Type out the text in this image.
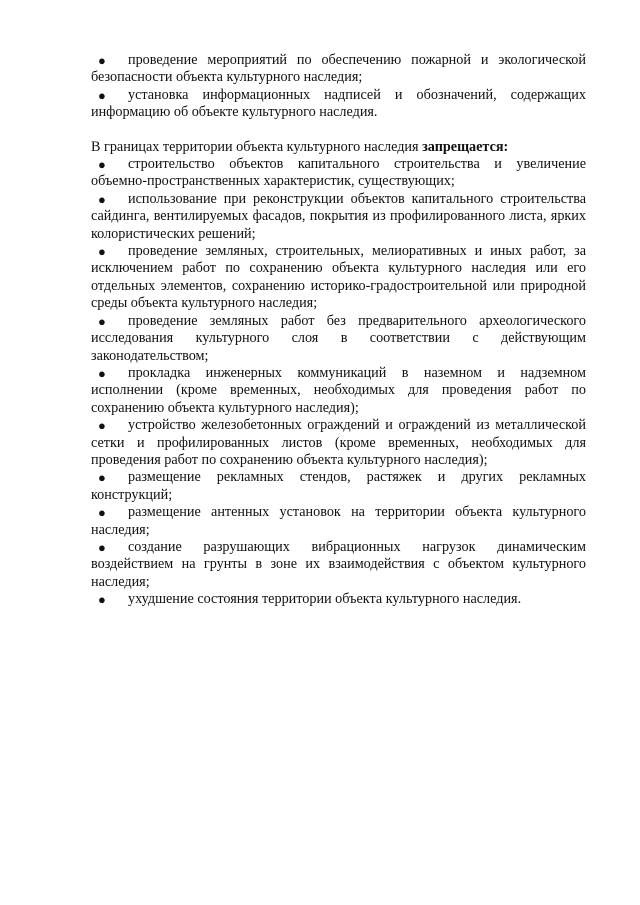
● проведение мероприятий по обеспечению пожарной и экологической безопасности объекта культурного наследия;
● установка информационных надписей и обозначений, содержащих информацию об объекте культурного наследия.

В границах территории объекта культурного наследия запрещается:

● строительство объектов капитального строительства и увеличение объемно-пространственных характеристик, существующих;
● использование при реконструкции объектов капитального строительства сайдинга, вентилируемых фасадов, покрытия из профилированного листа, ярких колористических решений;
● проведение земляных, строительных, мелиоративных и иных работ, за исключением работ по сохранению объекта культурного наследия или его отдельных элементов, сохранению историко-градостроительной или природной среды объекта культурного наследия;
● проведение земляных работ без предварительного археологического исследования культурного слоя в соответствии с действующим законодательством;
● прокладка инженерных коммуникаций в наземном и надземном исполнении (кроме временных, необходимых для проведения работ по сохранению объекта культурного наследия);
● устройство железобетонных ограждений и ограждений из металлической сетки и профилированных листов (кроме временных, необходимых для проведения работ по сохранению объекта культурного наследия);
● размещение рекламных стендов, растяжек и других рекламных конструкций;
● размещение антенных установок на территории объекта культурного наследия;
● создание разрушающих вибрационных нагрузок динамическим воздействием на грунты в зоне их взаимодействия с объектом культурного наследия;
● ухудшение состояния территории объекта культурного наследия.
